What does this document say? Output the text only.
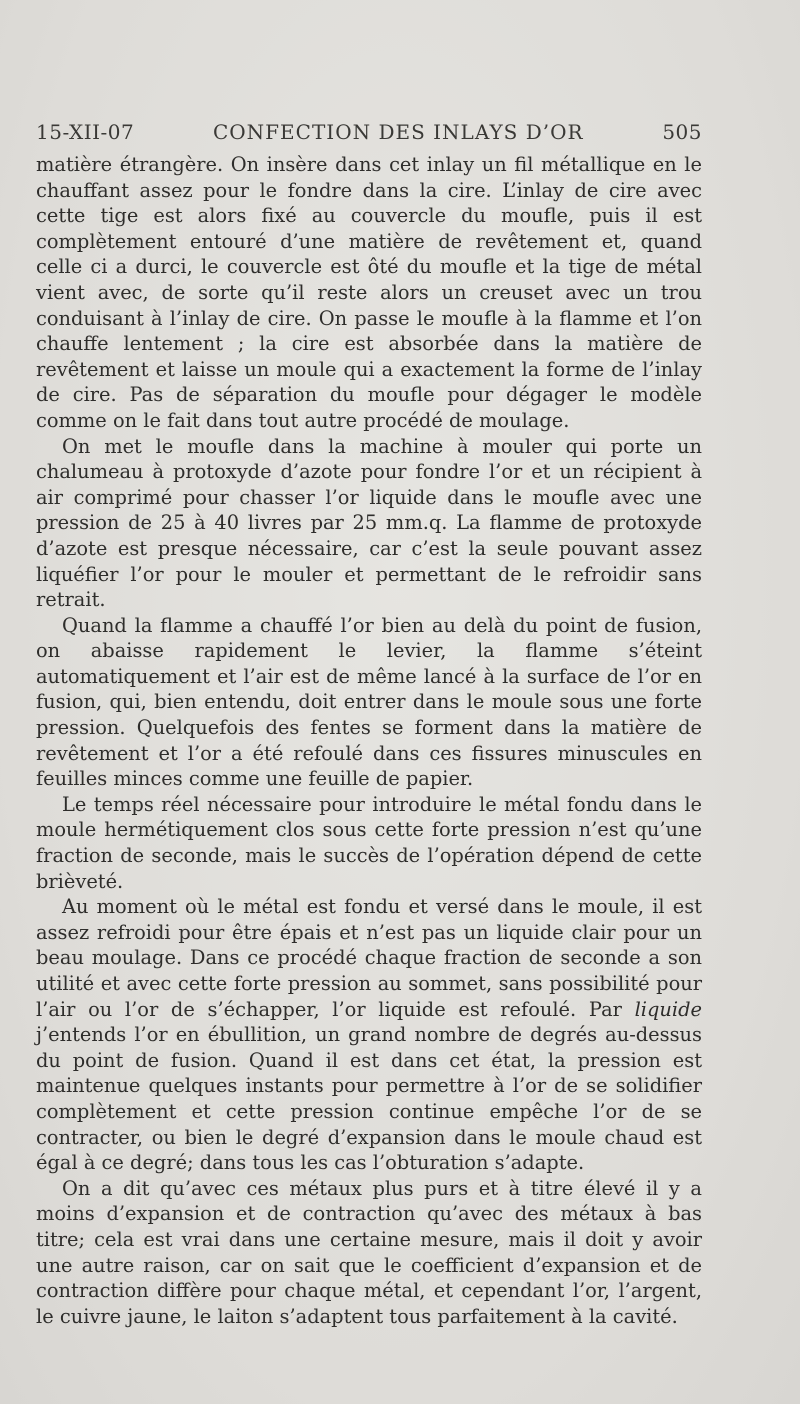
15-XII-07	CONFECTION DES INLAYS D’OR	505

matière étrangère. On insère dans cet inlay un fil métallique en le chauffant assez pour le fondre dans la cire. L’inlay de cire avec cette tige est alors fixé au couvercle du moufle, puis il est complètement entouré d’une matière de revêtement et, quand celle ci a durci, le couvercle est ôté du moufle et la tige de métal vient avec, de sorte qu’il reste alors un creuset avec un trou conduisant à l’inlay de cire. On passe le moufle à la flamme et l’on chauffe lentement ; la cire est absorbée dans la matière de revêtement et laisse un moule qui a exactement la forme de l’inlay de cire. Pas de séparation du moufle pour dégager le modèle comme on le fait dans tout autre procédé de moulage.

On met le moufle dans la machine à mouler qui porte un chalumeau à protoxyde d’azote pour fondre l’or et un récipient à air comprimé pour chasser l’or liquide dans le moufle avec une pression de 25 à 40 livres par 25 mm.q. La flamme de protoxyde d’azote est presque nécessaire, car c’est la seule pouvant assez liquéfier l’or pour le mouler et permettant de le refroidir sans retrait.

Quand la flamme a chauffé l’or bien au delà du point de fusion, on abaisse rapidement le levier, la flamme s’éteint automatiquement et l’air est de même lancé à la surface de l’or en fusion, qui, bien entendu, doit entrer dans le moule sous une forte pression. Quelquefois des fentes se forment dans la matière de revêtement et l’or a été refoulé dans ces fissures minuscules en feuilles minces comme une feuille de papier.

Le temps réel nécessaire pour introduire le métal fondu dans le moule hermétiquement clos sous cette forte pression n’est qu’une fraction de seconde, mais le succès de l’opération dépend de cette brièveté.

Au moment où le métal est fondu et versé dans le moule, il est assez refroidi pour être épais et n’est pas un liquide clair pour un beau moulage. Dans ce procédé chaque fraction de seconde a son utilité et avec cette forte pression au sommet, sans possibilité pour l’air ou l’or de s’échapper, l’or liquide est refoulé. Par liquide j’entends l’or en ébullition, un grand nombre de degrés au-dessus du point de fusion. Quand il est dans cet état, la pression est maintenue quelques instants pour permettre à l’or de se solidifier complètement et cette pression continue empêche l’or de se contracter, ou bien le degré d’expansion dans le moule chaud est égal à ce degré; dans tous les cas l’obturation s’adapte.

On a dit qu’avec ces métaux plus purs et à titre élevé il y a moins d’expansion et de contraction qu’avec des métaux à bas titre; cela est vrai dans une certaine mesure, mais il doit y avoir une autre raison, car on sait que le coefficient d’expansion et de contraction diffère pour chaque métal, et cependant l’or, l’argent, le cuivre jaune, le laiton s’adaptent tous parfaitement à la cavité.
